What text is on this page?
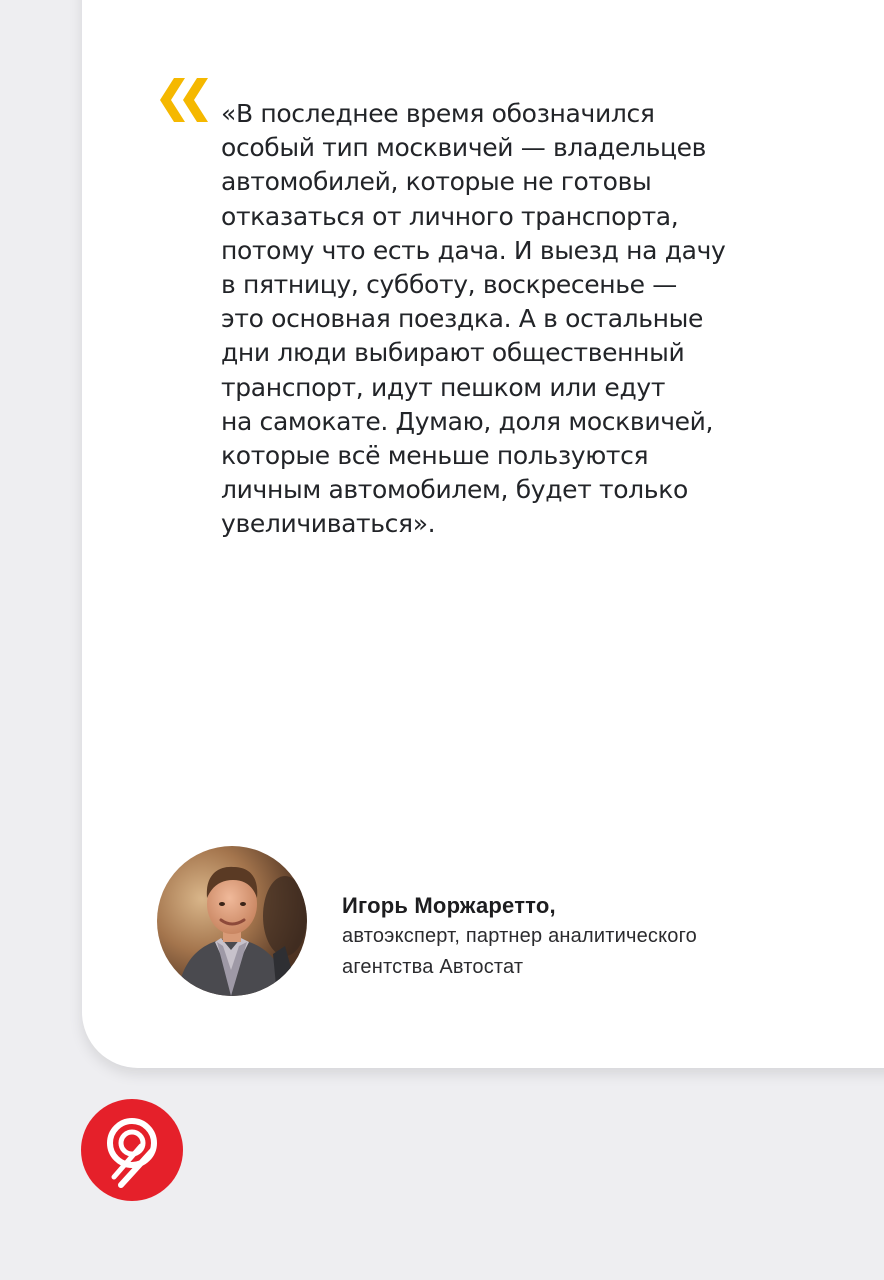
«В последнее время обозначился
особый тип москвичей — владельцев
автомобилей, которые не готовы
отказаться от личного транспорта,
потому что есть дача. И выезд на дачу
в пятницу, субботу, воскресенье —
это основная поездка. А в остальные
дни люди выбирают общественный
транспорт, идут пешком или едут
на самокате. Думаю, доля москвичей,
которые всё меньше пользуются
личным автомобилем, будет только
увеличиваться».

Игорь Моржаретто,
автоэксперт, партнер аналитического
агентства Автостат
